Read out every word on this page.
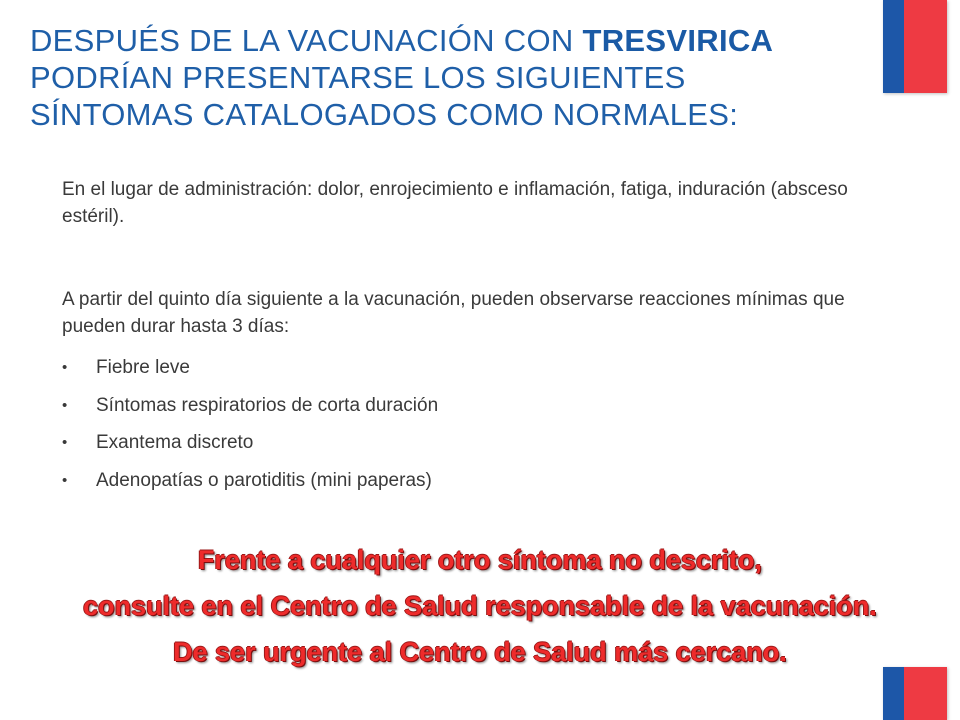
DESPUÉS DE LA VACUNACIÓN CON TRESVIRICA
PODRÍAN PRESENTARSE LOS SIGUIENTES
SÍNTOMAS CATALOGADOS COMO NORMALES:

En el lugar de administración: dolor, enrojecimiento e inflamación, fatiga, induración (absceso estéril).

A partir del quinto día siguiente a la vacunación, pueden observarse reacciones mínimas que pueden durar hasta 3 días:

• Fiebre leve
• Síntomas respiratorios de corta duración
• Exantema discreto
• Adenopatías o parotiditis (mini paperas)

Frente a cualquier otro síntoma no descrito,

consulte en el Centro de Salud responsable de la vacunación.

De ser urgente al Centro de Salud más cercano.
